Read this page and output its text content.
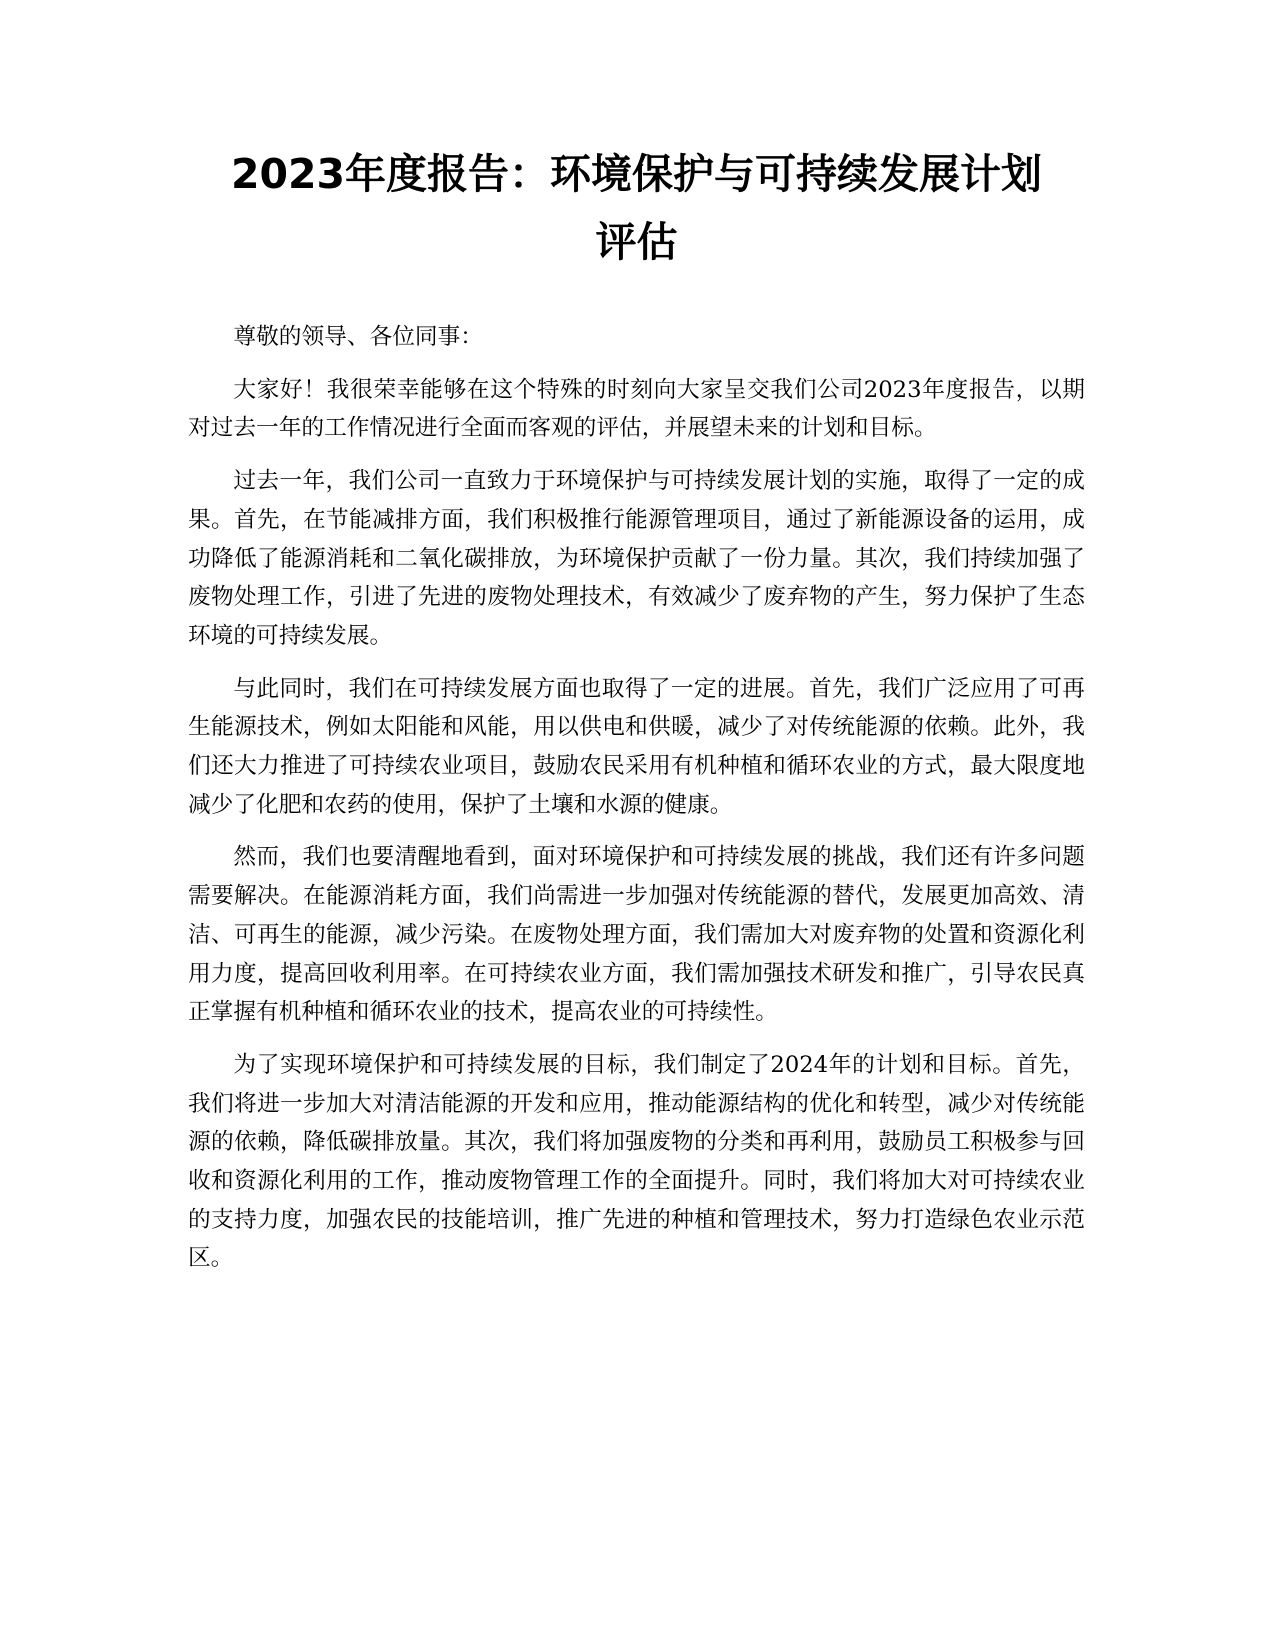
2023年度报告：环境保护与可持续发展计划
评估

尊敬的领导、各位同事：

大家好！我很荣幸能够在这个特殊的时刻向大家呈交我们公司2023年度报告，以期对过去一年的工作情况进行全面而客观的评估，并展望未来的计划和目标。

过去一年，我们公司一直致力于环境保护与可持续发展计划的实施，取得了一定的成果。首先，在节能减排方面，我们积极推行能源管理项目，通过了新能源设备的运用，成功降低了能源消耗和二氧化碳排放，为环境保护贡献了一份力量。其次，我们持续加强了废物处理工作，引进了先进的废物处理技术，有效减少了废弃物的产生，努力保护了生态环境的可持续发展。

与此同时，我们在可持续发展方面也取得了一定的进展。首先，我们广泛应用了可再生能源技术，例如太阳能和风能，用以供电和供暖，减少了对传统能源的依赖。此外，我们还大力推进了可持续农业项目，鼓励农民采用有机种植和循环农业的方式，最大限度地减少了化肥和农药的使用，保护了土壤和水源的健康。

然而，我们也要清醒地看到，面对环境保护和可持续发展的挑战，我们还有许多问题需要解决。在能源消耗方面，我们尚需进一步加强对传统能源的替代，发展更加高效、清洁、可再生的能源，减少污染。在废物处理方面，我们需加大对废弃物的处置和资源化利用力度，提高回收利用率。在可持续农业方面，我们需加强技术研发和推广，引导农民真正掌握有机种植和循环农业的技术，提高农业的可持续性。

为了实现环境保护和可持续发展的目标，我们制定了2024年的计划和目标。首先，我们将进一步加大对清洁能源的开发和应用，推动能源结构的优化和转型，减少对传统能源的依赖，降低碳排放量。其次，我们将加强废物的分类和再利用，鼓励员工积极参与回收和资源化利用的工作，推动废物管理工作的全面提升。同时，我们将加大对可持续农业的支持力度，加强农民的技能培训，推广先进的种植和管理技术，努力打造绿色农业示范区。
